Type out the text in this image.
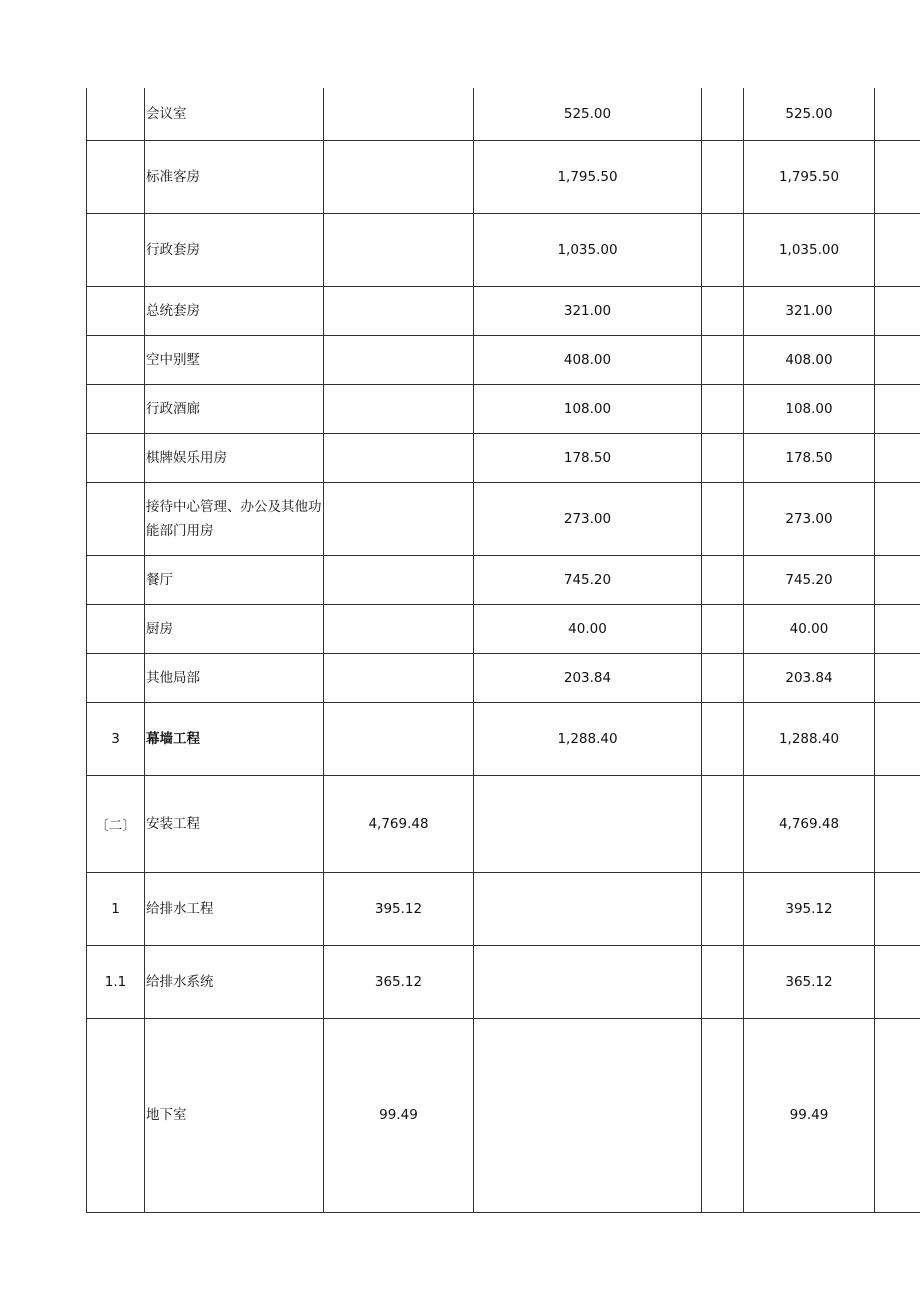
	会议室		525.00		525.00	
	标准客房		1,795.50		1,795.50	
	行政套房		1,035.00		1,035.00	
	总统套房		321.00		321.00	
	空中别墅		408.00		408.00	
	行政酒廊		108.00		108.00	
	棋牌娱乐用房		178.50		178.50	
	接待中心管理、办公及其他功能部门用房		273.00		273.00	
	餐厅		745.20		745.20	
	厨房		40.00		40.00	
	其他局部		203.84		203.84	
3	幕墙工程		1,288.40		1,288.40	
〔二〕	安装工程	4,769.48			4,769.48	
1	给排水工程	395.12			395.12	
1.1	给排水系统	365.12			365.12	
	地下室	99.49			99.49	
